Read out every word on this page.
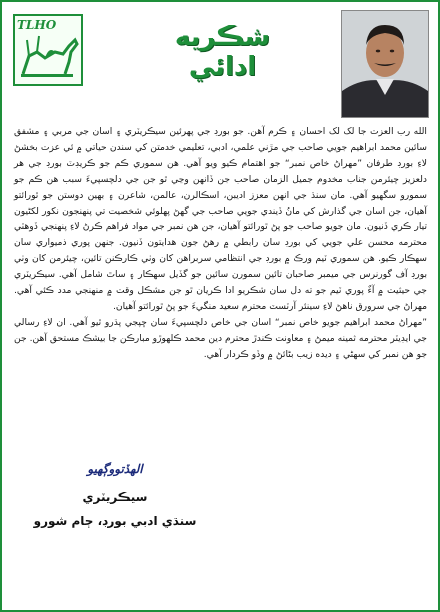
TLHO	شڪريه ادائي

الله رب العزت جا لک لک احسان ۽ ڪرم آهن. جو بورڊ جي پهرئين سيڪريٽري ۽ اسان جي مربي ۽ مشفق سائين محمد ابراهيم جويي صاحب جي مڙني علمي، ادبي، تعليمي خدمتن کي سندن حياتي ۾ ئي عزت بخشڻ لاءِ بورڊ طرفان ”مهراڻ خاص نمبر“ جو اهتمام ڪيو ويو آهي. هن سموري ڪم جو ڪريڊٽ بورڊ جي هر دلعزيز چيئرمن جناب مخدوم جميل الزمان صاحب جن ڏانهن وڃي ٿو جن جي دلچسپيءَ سبب هن ڪم جو سمورو سگهيو آهي. مان سنڌ جي انهن معزز اديبن، اسڪالرن، عالمن، شاعرن ۽ بهين دوستن جو ٿورائتو آهيان، جن اسان جي گذارش کي مانُ ڏيندي جويي صاحب جي گهڻ پهلوئي شخصيت تي پنهنجون نکور لکڻيون تيار ڪري ڏنيون. مان جويو صاحب جو پڻ ٿورائتو آهيان، جن هن نمبر جي مواد فراهم ڪرڻ لاءِ پنهنجي ڏوهٽي محترمه محسن علي جويي کي بورڊ سان رابطي ۾ رهڻ جون هدايتون ڏنيون. جنهن پوري ذميواري سان سهڪار ڪيو. هن سموري ٽيم ورڪ ۾ بورڊ جي انتظامي سربراهن کان وٺي ڪارڪنن تائين، چيئرمن کان وٺي بورڊ آف گورنرس جي ميمبر صاحبان تائين سمورن سائين جو گڏيل سهڪار ۽ ساٿ شامل آهي. سيڪريٽري جي حيثيت ۾ آءٌ پوري ٽيم جو ته دل سان شڪريو ادا ڪريان ٿو جن مشڪل وقت ۾ منهنجي مدد ڪئي آهي. مهراڻ جي سرورق ناهڻ لاءِ سينئر آرٽسٽ محترم سعيد منگيءَ جو پڻ ٿورائتو آهيان.

”مهراڻ محمد ابراهيم جويو خاص نمبر“ اسان جي خاص دلچسپيءَ سان ڇپجي پڌرو ٿيو آهي. ان لاءِ رسالي جي ايڊيٽر محترمه ثمينه ميمڻ ۽ معاونت ڪندڙ محترم دين محمد ڪلهوڙو مبارڪن جا بيشڪ مستحق آهن. جن جو هن نمبر کي سهڻي ۽ ديده زيب بڻائڻ ۾ وڏو ڪردار آهي.

الهڏتووڳهيو
سيڪريٽري
سنڌي ادبي بورڊ، ڄام شورو
